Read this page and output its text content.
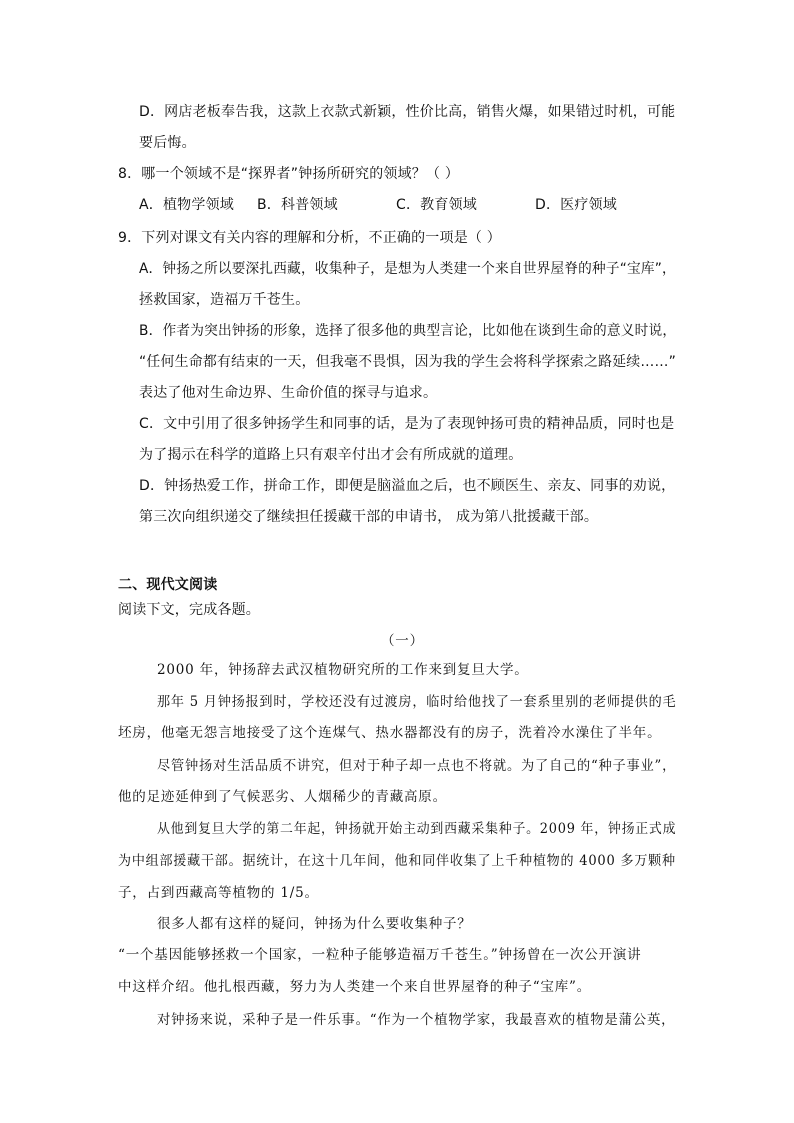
D．网店老板奉告我，这款上衣款式新颖，性价比高，销售火爆，如果错过时机，可能
要后悔。
8．哪一个领域不是“探界者”钟扬所研究的领域？（ ）
A．植物学领域 B．科普领域	C．教育领域	D．医疗领域
9．下列对课文有关内容的理解和分析，不正确的一项是（ ）
A．钟扬之所以要深扎西藏，收集种子，是想为人类建一个来自世界屋脊的种子“宝库”，
拯救国家，造福万千苍生。
B．作者为突出钟扬的形象，选择了很多他的典型言论，比如他在谈到生命的意义时说，
“任何生命都有结束的一天，但我毫不畏惧，因为我的学生会将科学探索之路延续……”
表达了他对生命边界、生命价值的探寻与追求。
C．文中引用了很多钟扬学生和同事的话，是为了表现钟扬可贵的精神品质，同时也是
为了揭示在科学的道路上只有艰辛付出才会有所成就的道理。
D．钟扬热爱工作，拼命工作，即便是脑溢血之后，也不顾医生、亲友、同事的劝说，
第三次向组织递交了继续担任援藏干部的申请书， 成为第八批援藏干部。
二、现代文阅读
阅读下文，完成各题。
（一）
2000 年，钟扬辞去武汉植物研究所的工作来到复旦大学。
那年 5 月钟扬报到时，学校还没有过渡房，临时给他找了一套系里别的老师提供的毛
坯房，他毫无怨言地接受了这个连煤气、热水器都没有的房子，洗着冷水澡住了半年。
尽管钟扬对生活品质不讲究，但对于种子却一点也不将就。为了自己的“种子事业”，
他的足迹延伸到了气候恶劣、人烟稀少的青藏高原。
从他到复旦大学的第二年起，钟扬就开始主动到西藏采集种子。2009 年，钟扬正式成
为中组部援藏干部。据统计，在这十几年间，他和同伴收集了上千种植物的 4000 多万颗种
子，占到西藏高等植物的 1/5。
很多人都有这样的疑问，钟扬为什么要收集种子？
“一个基因能够拯救一个国家，一粒种子能够造福万千苍生。”钟扬曾在一次公开演讲
中这样介绍。他扎根西藏，努力为人类建一个来自世界屋脊的种子“宝库”。
对钟扬来说，采种子是一件乐事。“作为一个植物学家，我最喜欢的植物是蒲公英，
